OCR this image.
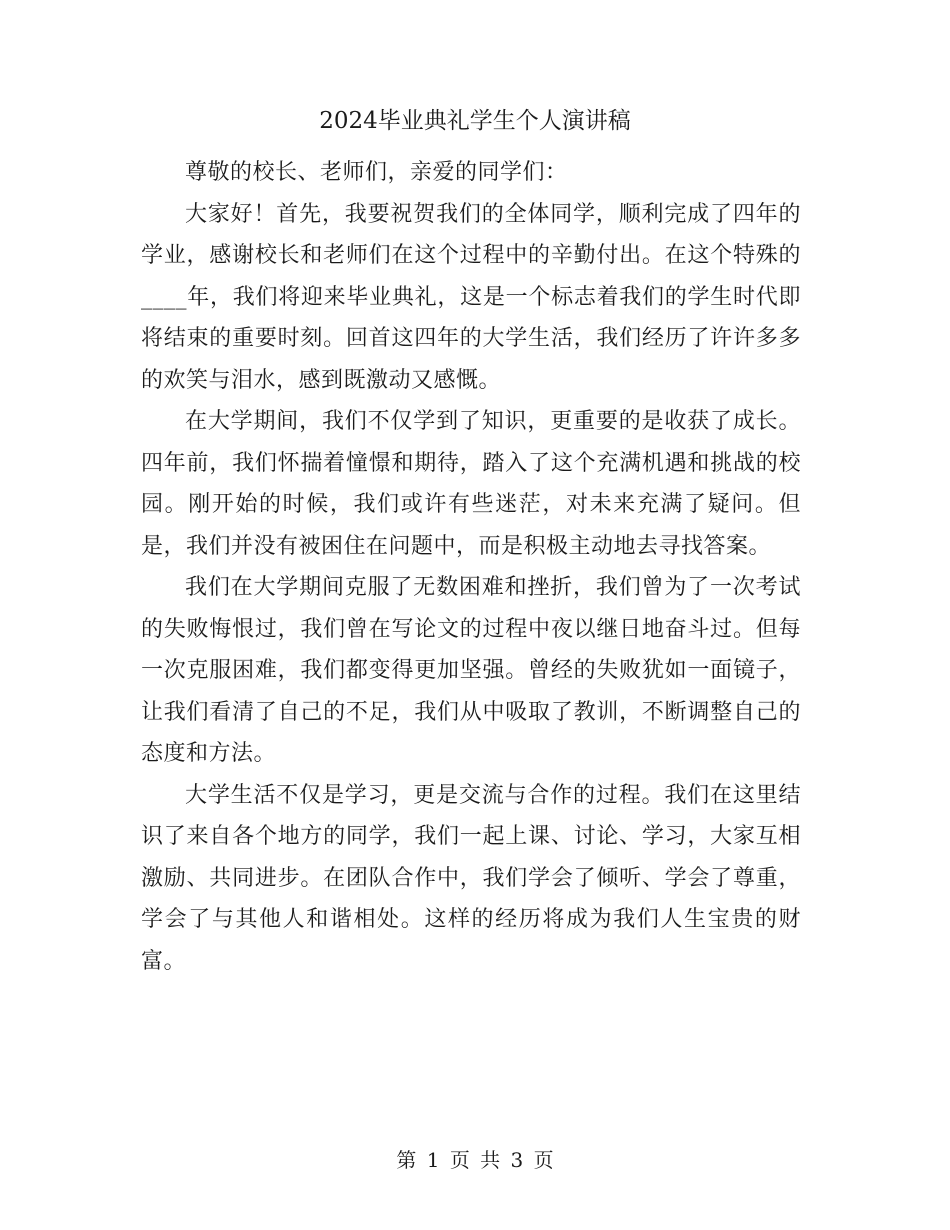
2024毕业典礼学生个人演讲稿

尊敬的校长、老师们，亲爱的同学们：

大家好！首先，我要祝贺我们的全体同学，顺利完成了四年的学业，感谢校长和老师们在这个过程中的辛勤付出。在这个特殊的____年，我们将迎来毕业典礼，这是一个标志着我们的学生时代即将结束的重要时刻。回首这四年的大学生活，我们经历了许许多多的欢笑与泪水，感到既激动又感慨。

在大学期间，我们不仅学到了知识，更重要的是收获了成长。四年前，我们怀揣着憧憬和期待，踏入了这个充满机遇和挑战的校园。刚开始的时候，我们或许有些迷茫，对未来充满了疑问。但是，我们并没有被困住在问题中，而是积极主动地去寻找答案。

我们在大学期间克服了无数困难和挫折，我们曾为了一次考试的失败悔恨过，我们曾在写论文的过程中夜以继日地奋斗过。但每一次克服困难，我们都变得更加坚强。曾经的失败犹如一面镜子，让我们看清了自己的不足，我们从中吸取了教训，不断调整自己的态度和方法。

大学生活不仅是学习，更是交流与合作的过程。我们在这里结识了来自各个地方的同学，我们一起上课、讨论、学习，大家互相激励、共同进步。在团队合作中，我们学会了倾听、学会了尊重，学会了与其他人和谐相处。这样的经历将成为我们人生宝贵的财富。

第 1 页 共 3 页
